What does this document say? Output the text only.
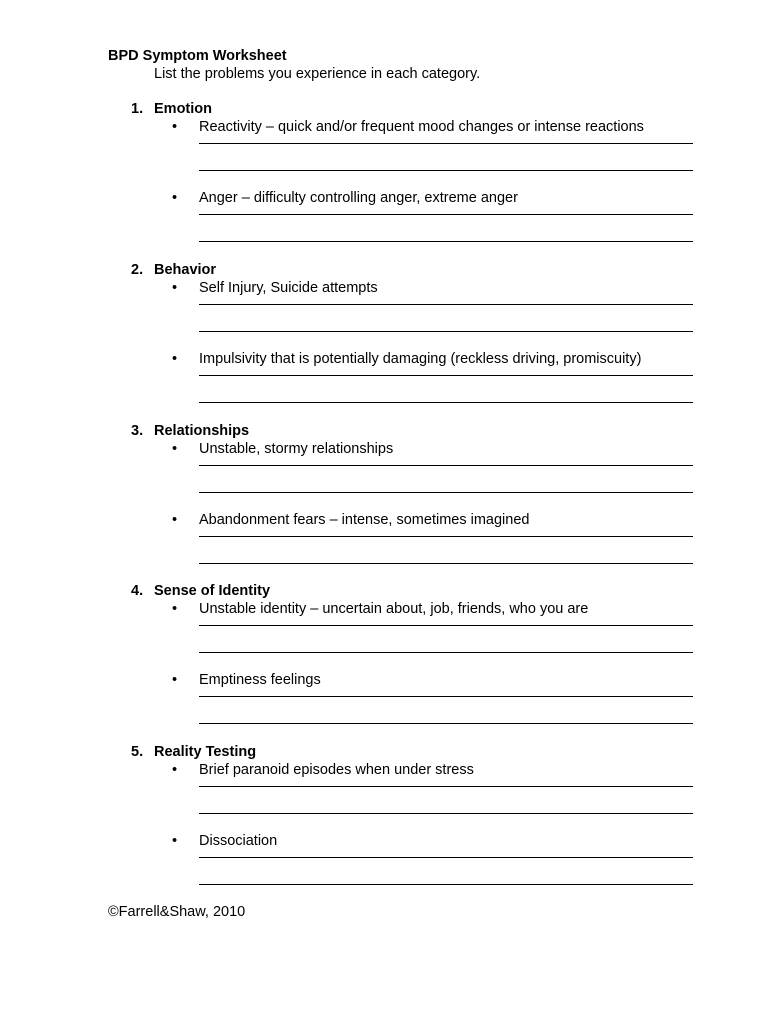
BPD Symptom Worksheet
List the problems you experience in each category.
1. Emotion
• Reactivity – quick and/or frequent mood changes or intense reactions
• Anger – difficulty controlling anger, extreme anger
2. Behavior
• Self Injury, Suicide attempts
• Impulsivity that is potentially damaging (reckless driving, promiscuity)
3. Relationships
• Unstable, stormy relationships
• Abandonment fears – intense, sometimes imagined
4. Sense of Identity
• Unstable identity – uncertain about, job, friends, who you are
• Emptiness feelings
5. Reality Testing
• Brief paranoid episodes when under stress
• Dissociation
©Farrell&Shaw, 2010
